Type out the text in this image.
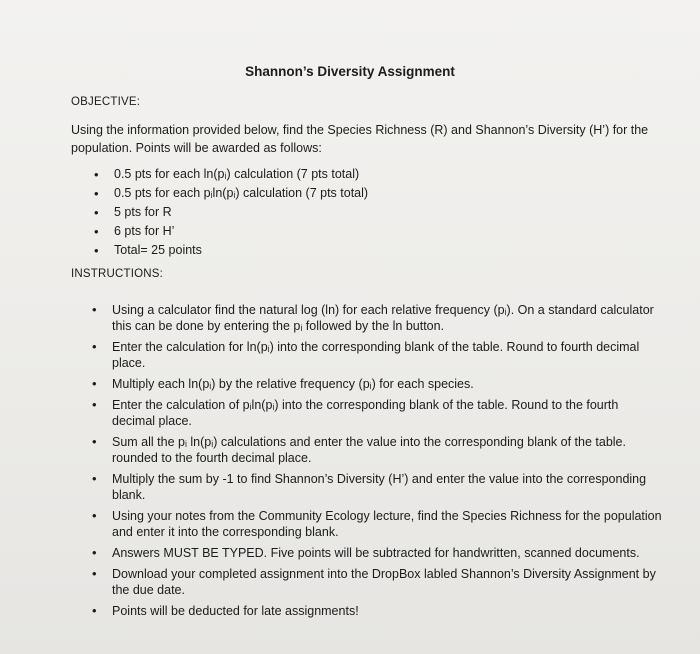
Shannon’s Diversity Assignment
OBJECTIVE:
Using the information provided below, find the Species Richness (R) and Shannon’s Diversity (H’) for the population. Points will be awarded as follows:
•	0.5 pts for each ln(pᵢ) calculation (7 pts total)
•	0.5 pts for each pᵢln(pᵢ) calculation (7 pts total)
•	5 pts for R
•	6 pts for H’
•	Total= 25 points
INSTRUCTIONS:
•	Using a calculator find the natural log (ln) for each relative frequency (pᵢ). On a standard calculator this can be done by entering the pᵢ followed by the ln button.
•	Enter the calculation for ln(pᵢ) into the corresponding blank of the table. Round to fourth decimal place.
•	Multiply each ln(pᵢ) by the relative frequency (pᵢ) for each species.
•	Enter the calculation of pᵢln(pᵢ) into the corresponding blank of the table. Round to the fourth decimal place.
•	Sum all the pᵢ ln(pᵢ) calculations and enter the value into the corresponding blank of the table. rounded to the fourth decimal place.
•	Multiply the sum by -1 to find Shannon’s Diversity (H’) and enter the value into the corresponding blank.
•	Using your notes from the Community Ecology lecture, find the Species Richness for the population and enter it into the corresponding blank.
•	Answers MUST BE TYPED. Five points will be subtracted for handwritten, scanned documents.
•	Download your completed assignment into the DropBox labled Shannon’s Diversity Assignment by the due date.
•	Points will be deducted for late assignments!
